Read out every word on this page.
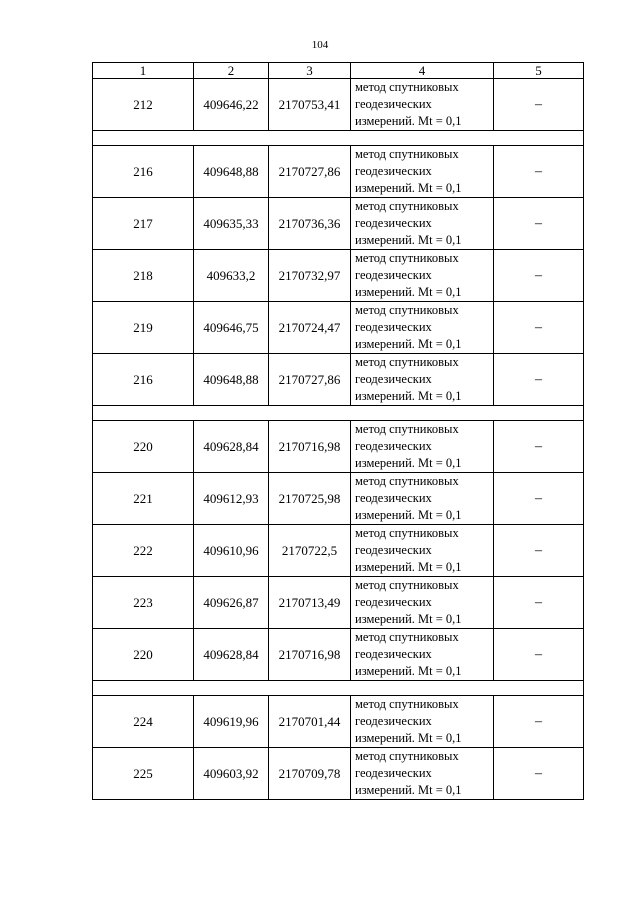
104
1	2	3	4	5
212	409646,22	2170753,41	метод спутниковых
геодезических
измерений. Mt = 0,1	–

216	409648,88	2170727,86	метод спутниковых
геодезических
измерений. Mt = 0,1	–
217	409635,33	2170736,36	метод спутниковых
геодезических
измерений. Mt = 0,1	–
218	409633,2	2170732,97	метод спутниковых
геодезических
измерений. Mt = 0,1	–
219	409646,75	2170724,47	метод спутниковых
геодезических
измерений. Mt = 0,1	–
216	409648,88	2170727,86	метод спутниковых
геодезических
измерений. Mt = 0,1	–

220	409628,84	2170716,98	метод спутниковых
геодезических
измерений. Mt = 0,1	–
221	409612,93	2170725,98	метод спутниковых
геодезических
измерений. Mt = 0,1	–
222	409610,96	2170722,5	метод спутниковых
геодезических
измерений. Mt = 0,1	–
223	409626,87	2170713,49	метод спутниковых
геодезических
измерений. Mt = 0,1	–
220	409628,84	2170716,98	метод спутниковых
геодезических
измерений. Mt = 0,1	–

224	409619,96	2170701,44	метод спутниковых
геодезических
измерений. Mt = 0,1	–
225	409603,92	2170709,78	метод спутниковых
геодезических
измерений. Mt = 0,1	–
